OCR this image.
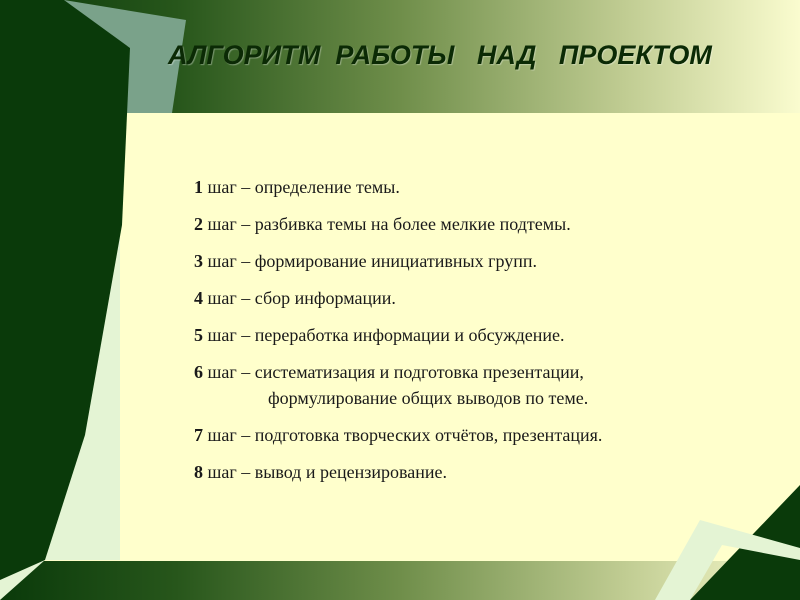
АЛГОРИТМ  РАБОТЫ   НАД   ПРОЕКТОМ
1 шаг – определение темы.
2 шаг – разбивка темы на более мелкие подтемы.
3 шаг – формирование инициативных групп.
4 шаг – сбор информации.
5 шаг – переработка информации и обсуждение.
6 шаг – систематизация и подготовка презентации,
формулирование общих выводов по теме.
7 шаг – подготовка творческих отчётов, презентация.
8 шаг – вывод и рецензирование.
